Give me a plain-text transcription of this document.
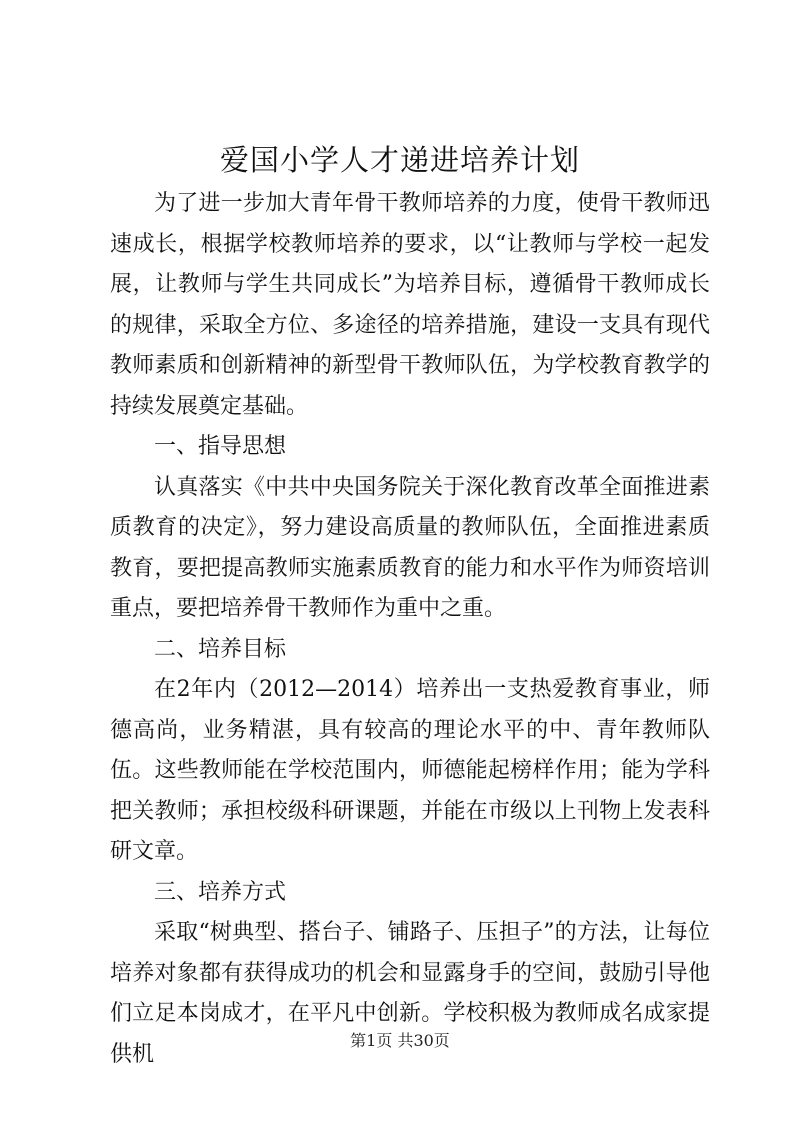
爱国小学人才递进培养计划

为了进一步加大青年骨干教师培养的力度，使骨干教师迅速成长，根据学校教师培养的要求，以“让教师与学校一起发展，让教师与学生共同成长”为培养目标，遵循骨干教师成长的规律，采取全方位、多途径的培养措施，建设一支具有现代教师素质和创新精神的新型骨干教师队伍，为学校教育教学的持续发展奠定基础。

一、指导思想

认真落实《中共中央国务院关于深化教育改革全面推进素质教育的决定》，努力建设高质量的教师队伍，全面推进素质教育，要把提高教师实施素质教育的能力和水平作为师资培训重点，要把培养骨干教师作为重中之重。

二、培养目标

在2年内（2012—2014）培养出一支热爱教育事业，师德高尚，业务精湛，具有较高的理论水平的中、青年教师队伍。这些教师能在学校范围内，师德能起榜样作用；能为学科把关教师；承担校级科研课题，并能在市级以上刊物上发表科研文章。

三、培养方式

采取“树典型、搭台子、铺路子、压担子”的方法，让每位培养对象都有获得成功的机会和显露身手的空间，鼓励引导他们立足本岗成才，在平凡中创新。学校积极为教师成名成家提供机

第1页 共30页
